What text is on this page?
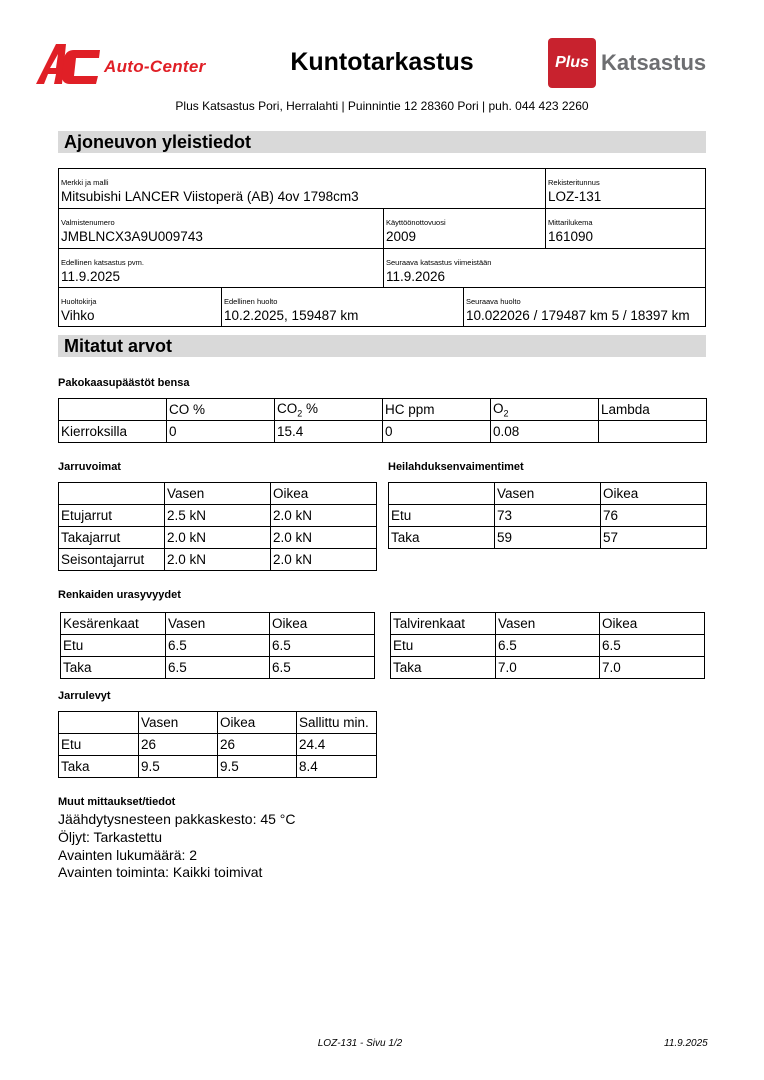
Auto-Center	Kuntotarkastus	Plus Katsastus
Plus Katsastus Pori, Herralahti | Puinnintie 12 28360 Pori | puh. 044 423 2260
Ajoneuvon yleistiedot
Merkki ja malli
Mitsubishi LANCER Viistoperä (AB) 4ov 1798cm3
Rekisteritunnus
LOZ-131
Valmistenumero
JMBLNCX3A9U009743
Käyttöönottovuosi
2009
Mittarilukema
161090
Edellinen katsastus pvm.
11.9.2025
Seuraava katsastus viimeistään
11.9.2026
Huoltokirja
Vihko
Edellinen huolto
10.2.2025, 159487 km
Seuraava huolto
10.022026 / 179487 km 5 / 18397 km
Mitatut arvot
Pakokaasupäästöt bensa
	CO %	$CO_2$ %	HC ppm	$O_2$	Lambda
Kierroksilla	0	15.4	0	0.08	
Jarruvoimat
	Vasen	Oikea
Etujarrut	2.5 kN	2.0 kN
Takajarrut	2.0 kN	2.0 kN
Seisontajarrut	2.0 kN	2.0 kN
Heilahduksenvaimentimet
	Vasen	Oikea
Etu	73	76
Taka	59	57
Renkaiden urasyvyydet
Kesärenkaat	Vasen	Oikea
Etu	6.5	6.5
Taka	6.5	6.5
Talvirenkaat	Vasen	Oikea
Etu	6.5	6.5
Taka	7.0	7.0
Jarrulevyt
	Vasen	Oikea	Sallittu min.
Etu	26	26	24.4
Taka	9.5	9.5	8.4
Muut mittaukset/tiedot
Jäähdytysnesteen pakkaskesto: 45 °C
Öljyt: Tarkastettu
Avainten lukumäärä: 2
Avainten toiminta: Kaikki toimivat
LOZ-131 - Sivu 1/2	11.9.2025
